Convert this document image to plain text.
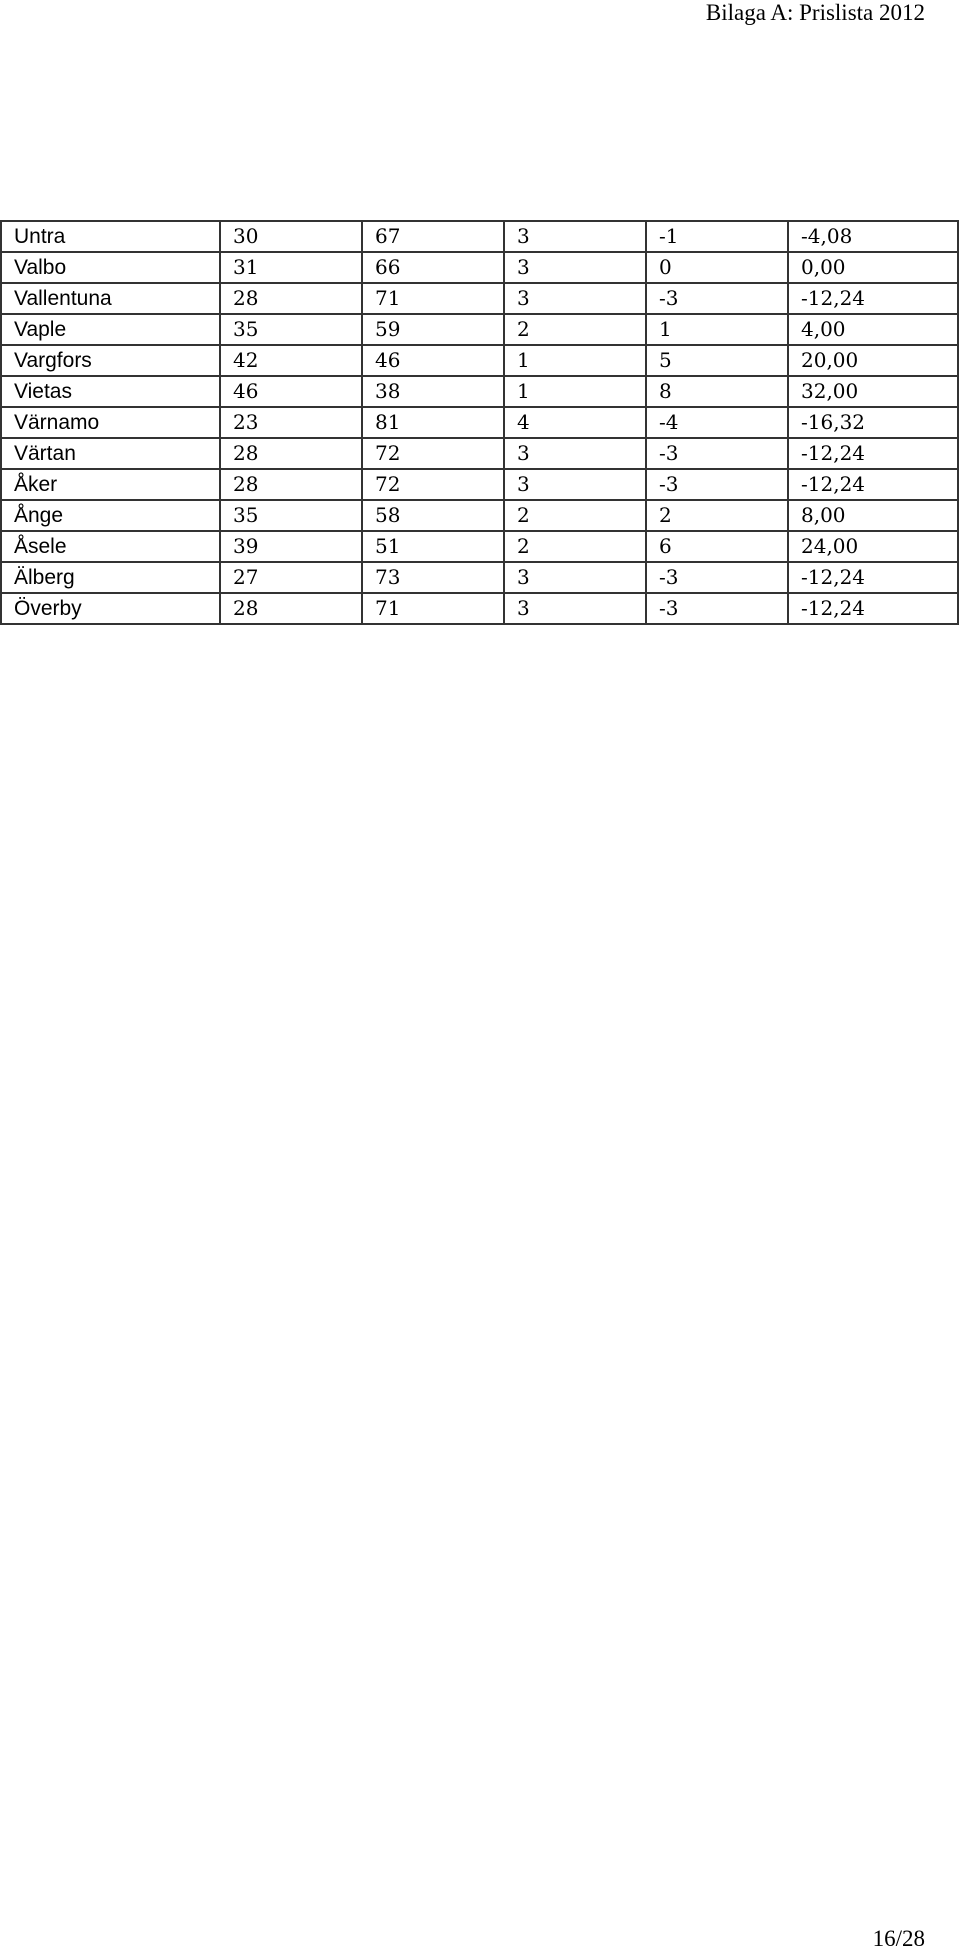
Bilaga A: Prislista 2012
Untra	30	67	3	-1	-4,08
Valbo	31	66	3	0	0,00
Vallentuna	28	71	3	-3	-12,24
Vaple	35	59	2	1	4,00
Vargfors	42	46	1	5	20,00
Vietas	46	38	1	8	32,00
Värnamo	23	81	4	-4	-16,32
Värtan	28	72	3	-3	-12,24
Åker	28	72	3	-3	-12,24
Ånge	35	58	2	2	8,00
Åsele	39	51	2	6	24,00
Älberg	27	73	3	-3	-12,24
Överby	28	71	3	-3	-12,24
16/28
